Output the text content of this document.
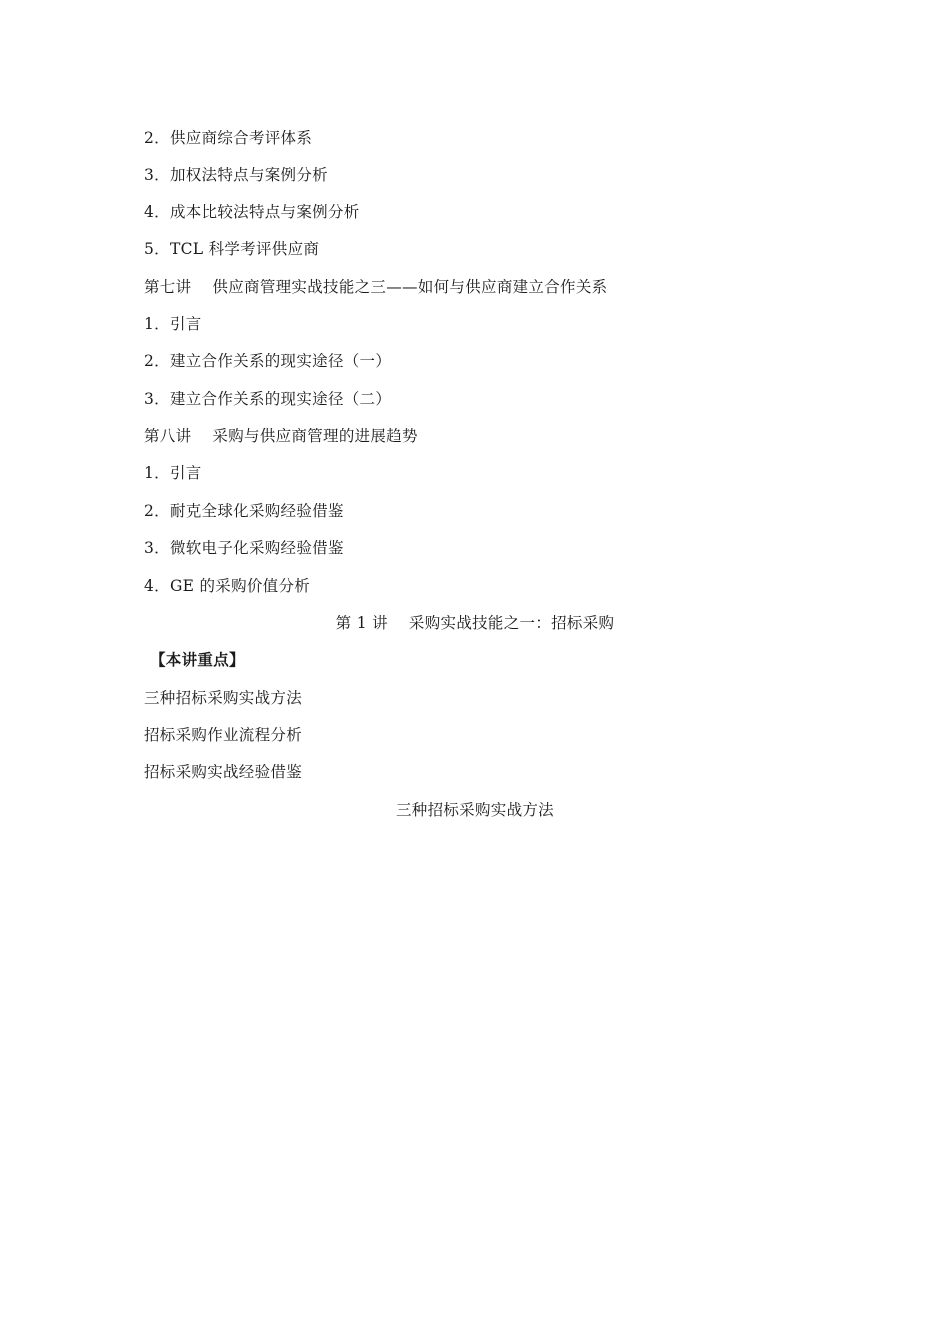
2．供应商综合考评体系
3．加权法特点与案例分析
4．成本比较法特点与案例分析
5．TCL 科学考评供应商
第七讲　 供应商管理实战技能之三——如何与供应商建立合作关系
1．引言
2．建立合作关系的现实途径（一）
3．建立合作关系的现实途径（二）
第八讲　 采购与供应商管理的进展趋势
1．引言
2．耐克全球化采购经验借鉴
3．微软电子化采购经验借鉴
4．GE 的采购价值分析
第 1 讲　 采购实战技能之一：招标采购
【本讲重点】
三种招标采购实战方法
招标采购作业流程分析
招标采购实战经验借鉴
三种招标采购实战方法
